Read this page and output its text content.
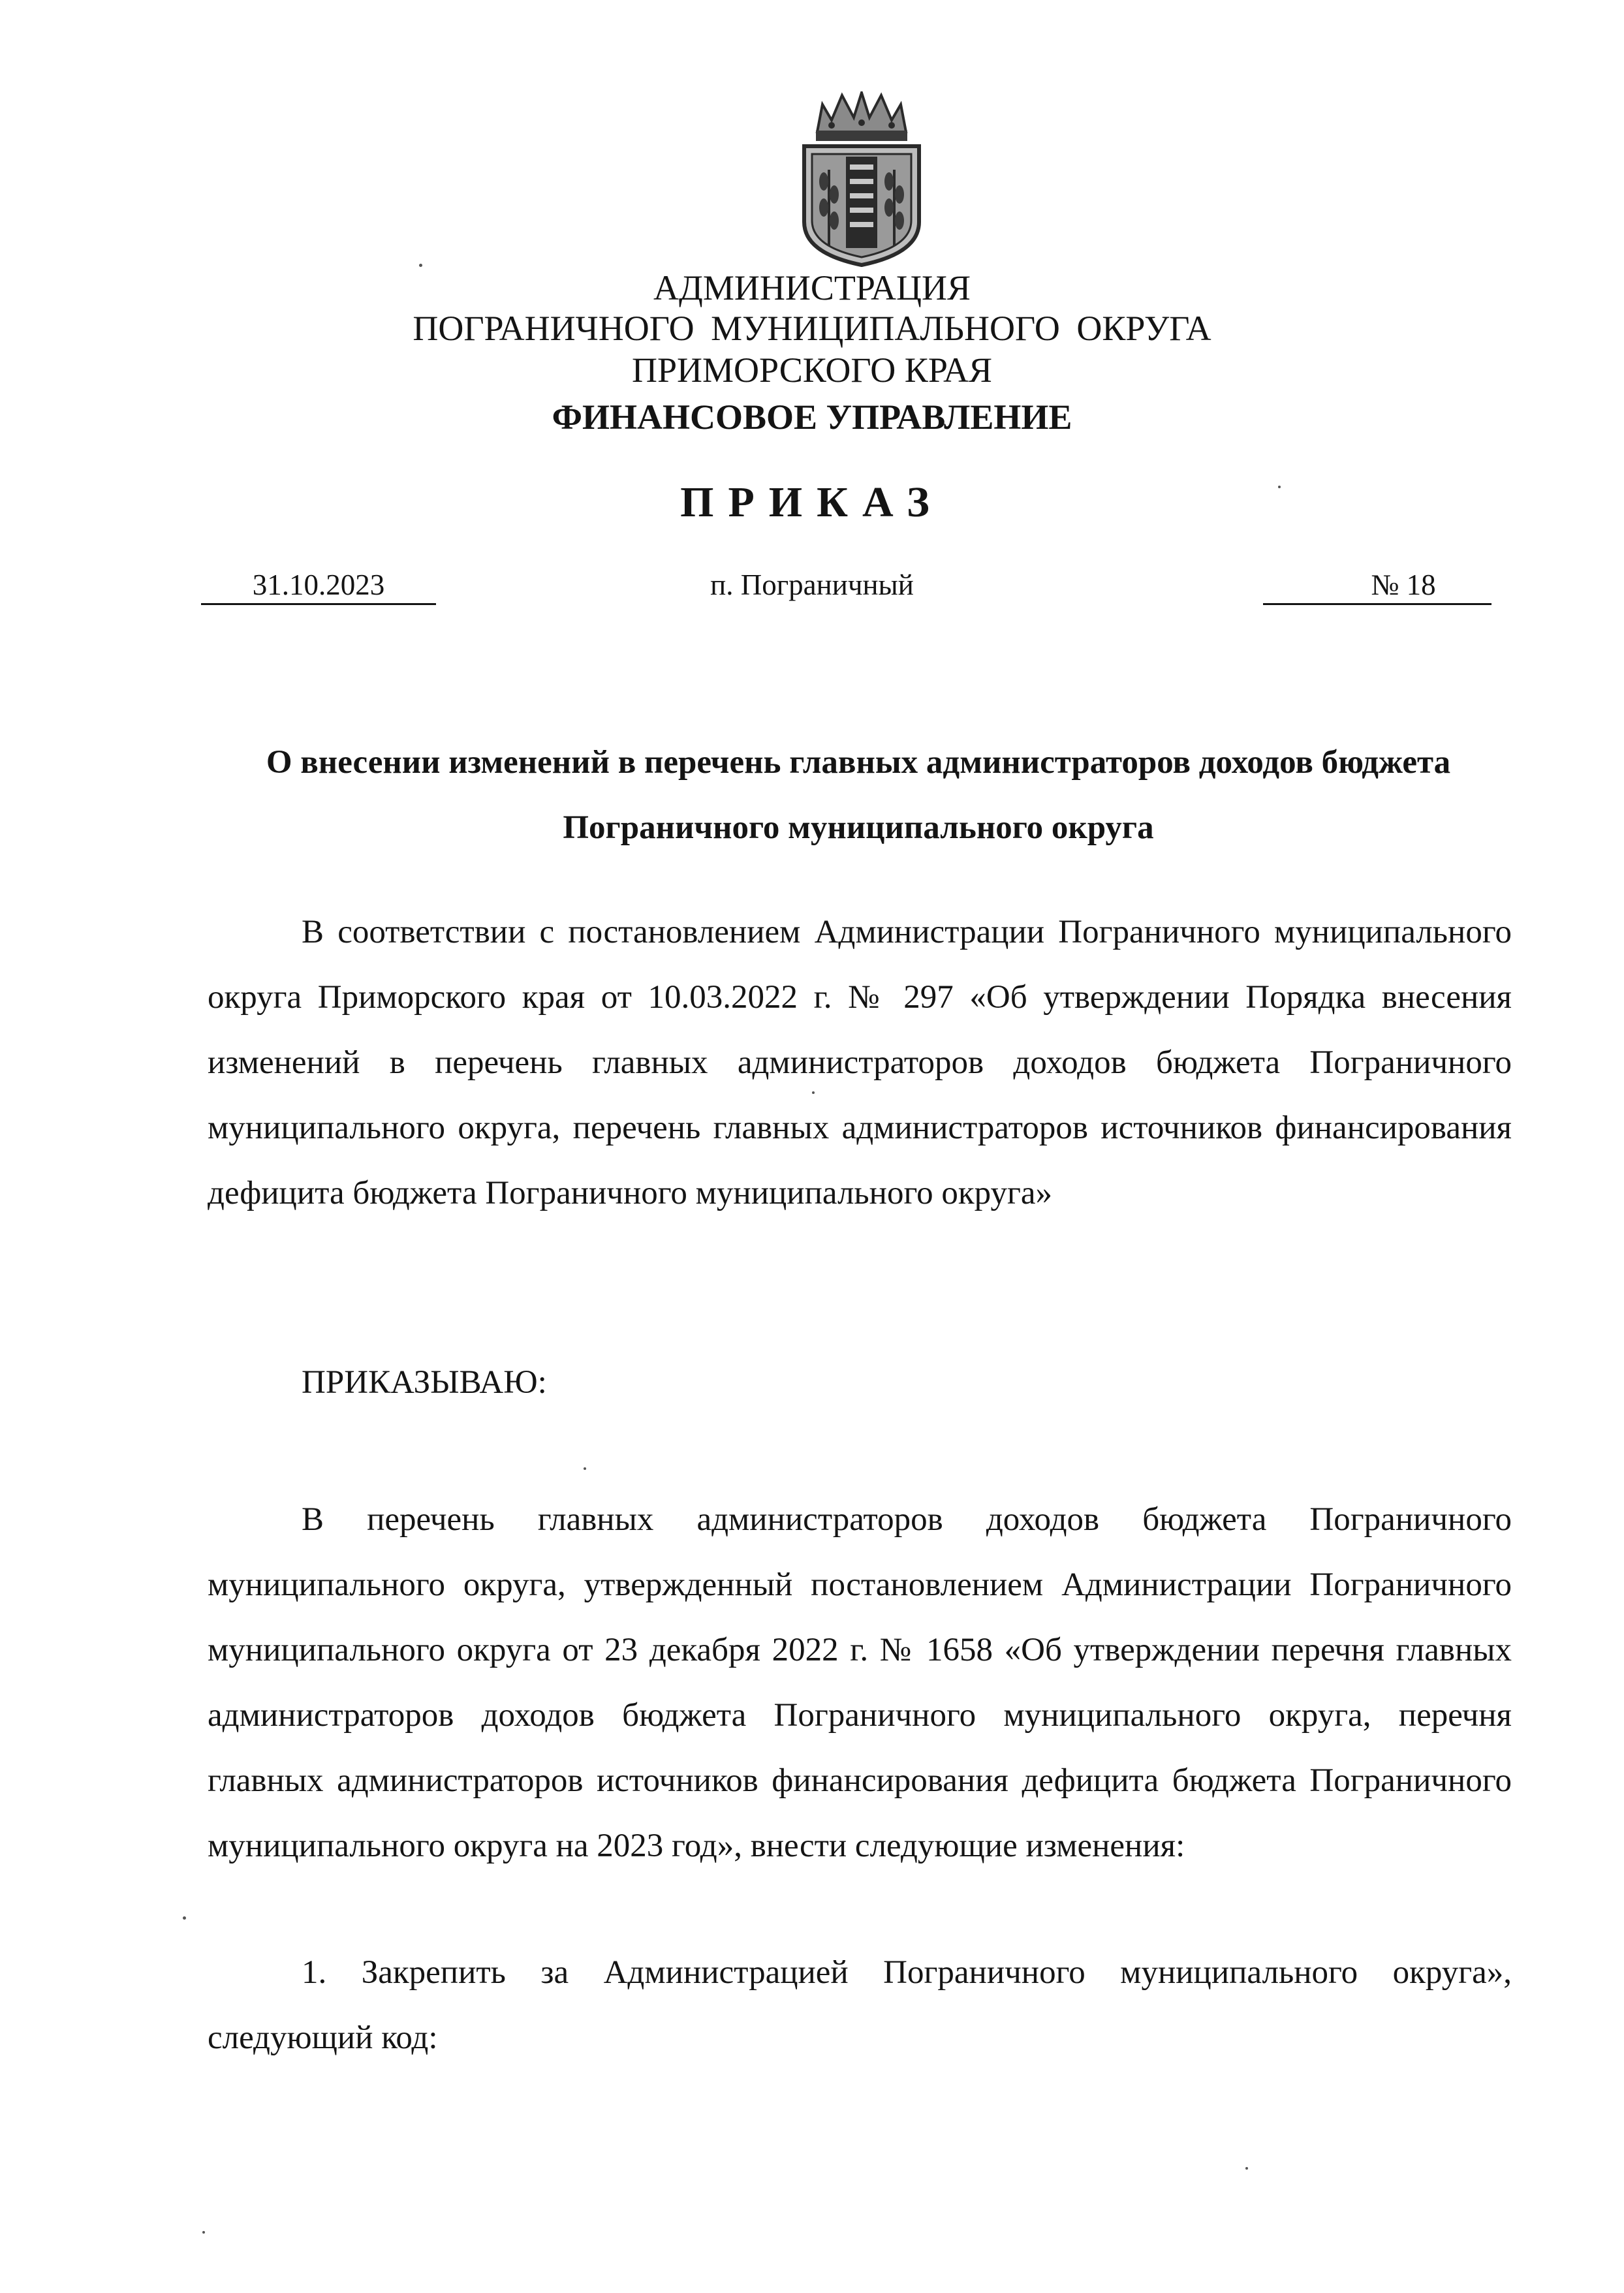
АДМИНИСТРАЦИЯ
ПОГРАНИЧНОГО МУНИЦИПАЛЬНОГО ОКРУГА
ПРИМОРСКОГО КРАЯ
ФИНАНСОВОЕ УПРАВЛЕНИЕ
ПРИКАЗ
п. Пограничный
31.10.2023	№ 18
О внесении изменений в перечень главных администраторов доходов бюджета Пограничного муниципального округа
В соответствии с постановлением Администрации Пограничного муниципального округа Приморского края от 10.03.2022 г. № 297 «Об утверждении Порядка внесения изменений в перечень главных администраторов доходов бюджета Пограничного муниципального округа, перечень главных администраторов источников финансирования дефицита бюджета Пограничного муниципального округа»
ПРИКАЗЫВАЮ:
В перечень главных администраторов доходов бюджета Пограничного муниципального округа, утвержденный постановлением Администрации Пограничного муниципального округа от 23 декабря 2022 г. № 1658 «Об утверждении перечня главных администраторов доходов бюджета Пограничного муниципального округа, перечня главных администраторов источников финансирования дефицита бюджета Пограничного муниципального округа на 2023 год», внести следующие изменения:
1. Закрепить за Администрацией Пограничного муниципального округа», следующий код:
